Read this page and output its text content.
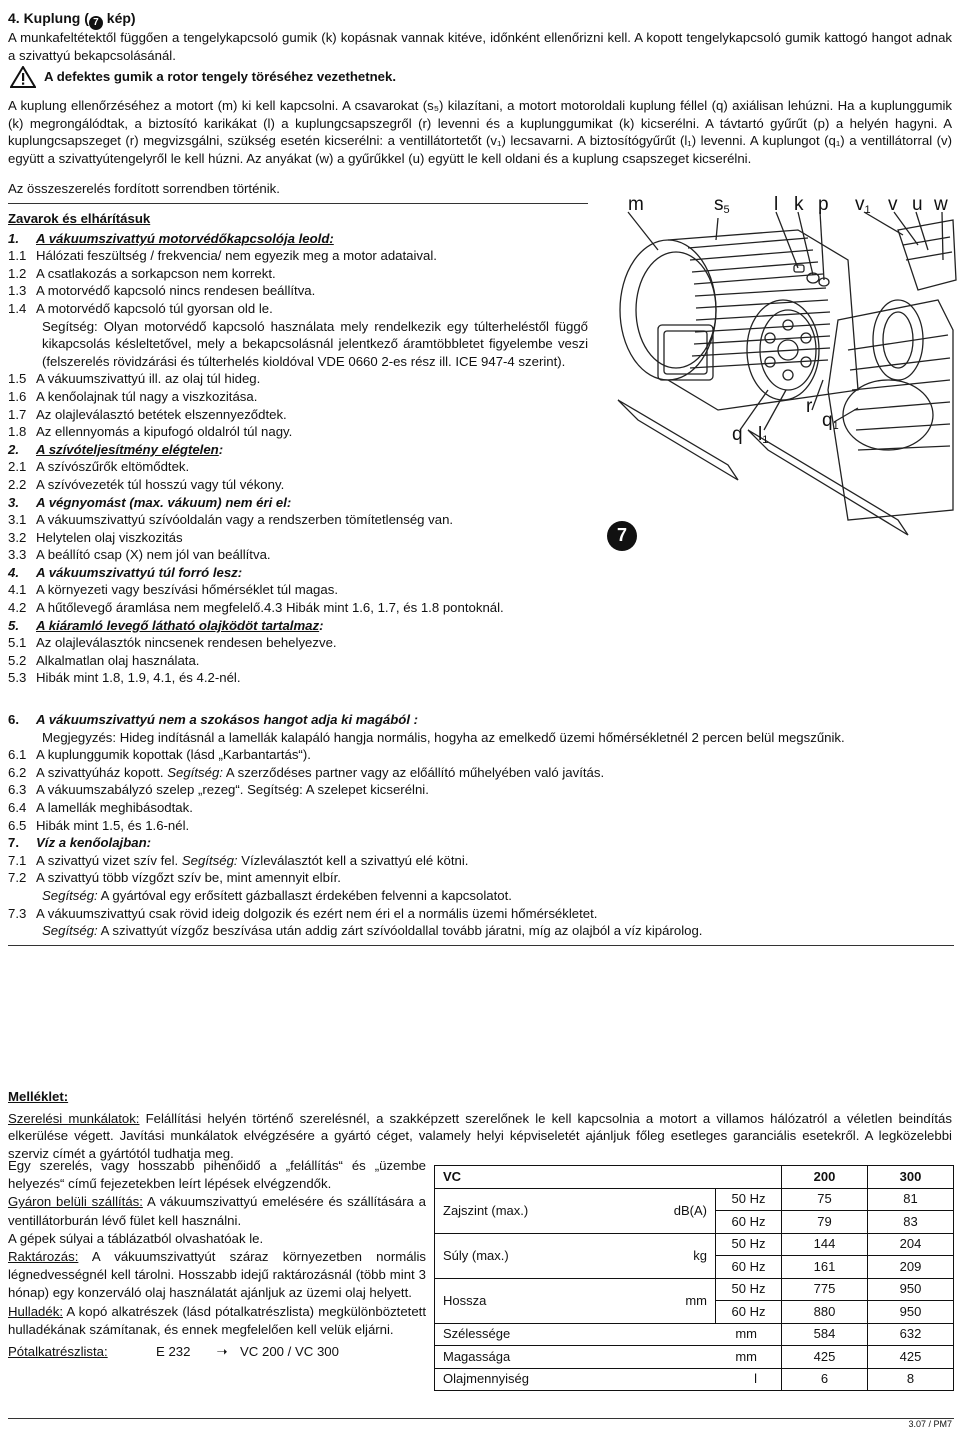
4. Kuplung ( 7 kép)

A munkafeltétektől függően a tengelykapcsoló gumik (k) kopásnak vannak kitéve, időnként ellenőrizni kell. A kopott tengelykapcsoló gumik kattogó hangot adnak a szivattyú bekapcsolásánál.

A defektes gumik a rotor tengely töréséhez vezethetnek.

A kuplung ellenőrzéséhez a motort (m) ki kell kapcsolni. A csavarokat (s₅) kilazítani, a motort motoroldali kuplung féllel (q) axiálisan lehúzni. Ha a kuplunggumik (k) megrongálódtak, a biztosító karikákat (l) a kuplungcsapszegről (r) levenni és a kuplunggumikat (k) kicserélni. A távtartó gyűrűt (p) a helyén hagyni. A kuplungcsapszeget (r) megvizsgálni, szükség esetén kicserélni: a ventillátortetőt (v₁) lecsavarni. A biztosítógyűrűt (l₁) levenni. A kuplungot (q₁) a ventillátorral (v) együtt a szivattyútengelyről le kell húzni. Az anyákat (w) a gyűrűkkel (u) együtt le kell oldani és a kuplung csapszeget kicserélni.

Az összeszerelés fordított sorrendben történik.

Zavarok és elhárításuk
1.	A vákuumszivattyú motorvédőkapcsolója leold:
1.1 Hálózati feszültség / frekvencia/ nem egyezik meg a motor adataival.
1.2 A csatlakozás a sorkapcson nem korrekt.
1.3 A motorvédő kapcsoló nincs rendesen beállítva.
1.4 A motorvédő kapcsoló túl gyorsan old le.
Segítség: Olyan motorvédő kapcsoló használata mely rendelkezik egy túlterheléstől függő kikapcsolás késleltetővel, mely a bekapcsolásnál jelentkező áramtöbbletet figyelembe veszi (felszerelés rövidzárási és túlterhelés kioldóval VDE 0660 2-es rész ill. ICE 947-4 szerint).
1.5 A vákuumszivattyú ill. az olaj túl hideg.
1.6 A kenőolajnak túl nagy a viszkozitása.
1.7 Az olajleválasztó betétek elszennyeződtek.
1.8 Az ellennyomás a kipufogó oldalról túl nagy.
2.	A szívóteljesítmény elégtelen :
2.1 A szívószűrők eltömődtek.
2.2 A szívóvezeték túl hosszú vagy túl vékony.
3.	A végnyomást (max. vákuum) nem éri el:
3.1 A vákuumszivattyú szívóoldalán vagy a rendszerben tömítetlenség van.
3.2 Helytelen olaj viszkozitás
3.3 A beállító csap (X) nem jól van beállítva.
4.	A vákuumszivattyú túl forró lesz:
4.1 A környezeti vagy beszívási hőmérséklet túl magas.
4.2 A hűtőlevegő áramlása nem megfelelő.4.3 Hibák mint 1.6, 1.7, és 1.8 pontoknál.
5.	A kiáramló levegő látható olajködöt tartalmaz :
5.1 Az olajleválasztók nincsenek rendesen behelyezve.
5.2 Alkalmatlan olaj használata.
5.3 Hibák mint 1.8, 1.9, 4.1, és 4.2-nél.
6.	A vákuumszivattyú nem a szokásos hangot adja ki magából :
Megjegyzés: Hideg indításnál a lamellák kalapáló hangja normális, hogyha az emelkedő üzemi hőmérsékletnél 2 percen belül megszűnik.
6.1 A kuplunggumik kopottak (lásd „Karbantartás“).
6.2 A szivattyúház kopott. Segítség: A szerződéses partner vagy az előállító műhelyében való javítás.
6.3 A vákuumszabályzó szelep „rezeg“. Segítség: A szelepet kicserélni.
6.4 A lamellák meghibásodtak.
6.5 Hibák mint 1.5, és 1.6-nél.
7.	Víz a kenőolajban:
7.1 A szivattyú vizet szív fel. Segítség: Vízleválasztót kell a szivattyú elé kötni.
7.2 A szivattyú több vízgőzt szív be, mint amennyit elbír.
Segítség: A gyártóval egy erősített gázballaszt érdekében felvenni a kapcsolatot.
7.3 A vákuumszivattyú csak rövid ideig dolgozik és ezért nem éri el a normális üzemi hőmérsékletet.
Segítség: A szivattyút vízgőz beszívása után addig zárt szívóoldallal tovább járatni, míg az olajból a víz kipárolog.
m	$s_5$ l k p $v_1$ v u w
r
$q_1$
q $l_1$
7
Melléklet:

Szerelési munkálatok: Felállítási helyén történő szerelésnél, a szakképzett szerelőnek le kell kapcsolnia a motort a villamos hálózatról a véletlen beindítás elkerülése végett. Javítási munkálatok elvégzésére a gyártó céget, valamely helyi képviseletét ajánljuk főleg esetleges garanciális esetekről. A legközelebbi szerviz címét a gyártótól tudhatja meg.

Egy szerelés, vagy hosszabb pihenőidő a „felállítás“ és „üzembe helyezés“ című fejezetekben leírt lépések elvégzendők.

Gyáron belüli szállítás: A vákuumszivattyú emelésére és szállítására a ventillátorburán lévő fület kell használni.

A gépek súlyai a táblázatból olvashatóak le.

Raktározás: A vákuumszivattyút száraz környezetben normális légnedvességnél kell tárolni. Hosszabb idejű raktározásnál (több mint 3 hónap) egy konzerváló olaj használatát ajánljuk az üzemi olaj helyett.

Hulladék: A kopó alkatrészek (lásd pótalkatrészlista) megkülönböztetett hulladékának számítanak, és ennek megfelelően kell velük eljárni.

Pótalkatrészlista:	E 232	➝ VC 200 / VC 300

VC			200	300
Zajszint (max.)	dB(A)	50 Hz	75	81
		60 Hz	79	83
Súly (max.)	kg	50 Hz	144	204
		60 Hz	161	209
Hossza	mm	50 Hz	775	950
		60 Hz	880	950
Szélessége	mm		584	632
Magassága	mm		425	425
Olajmennyiség	l		6	8
3.07 / PM7
